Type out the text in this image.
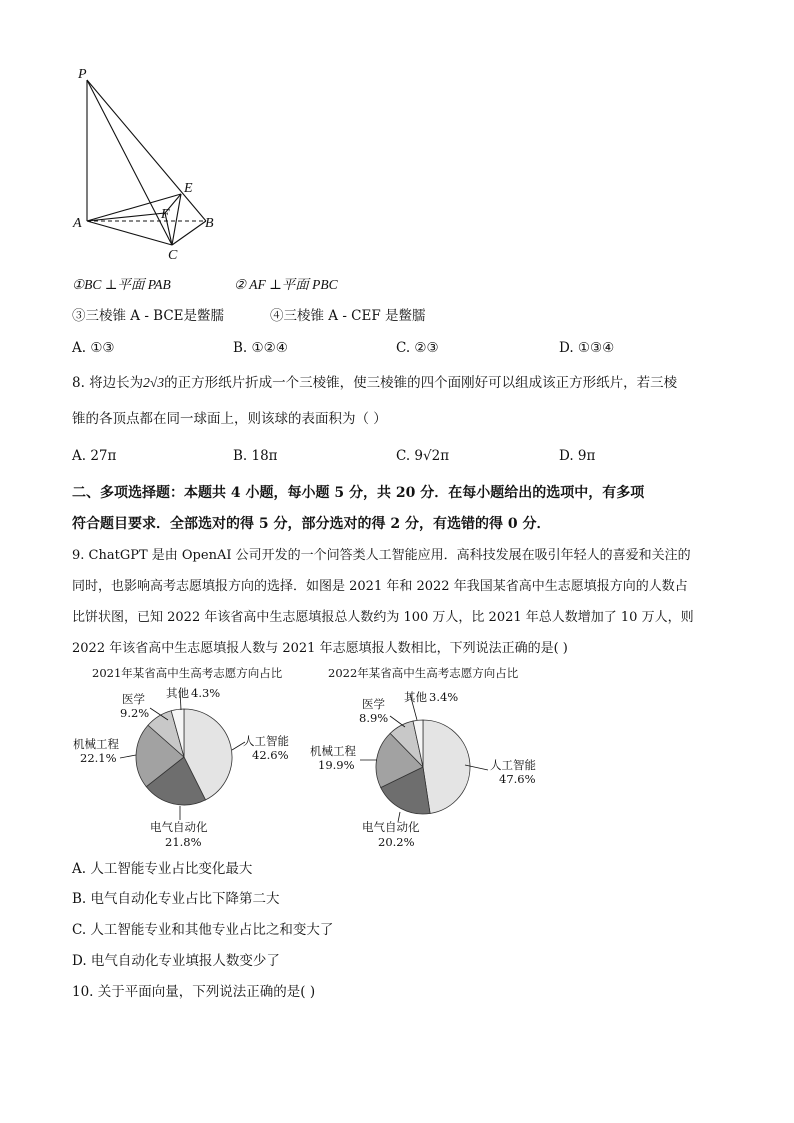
P
E
A
F
B
C
①BC ⊥平面 PAB	② AF ⊥平面 PBC
③三棱锥 A - BCE是鳖臑	④三棱锥 A - CEF 是鳖臑
A. ①③	B. ①②④	C. ②③	D. ①③④
8. 将边长为2√3的正方形纸片折成一个三棱锥，使三棱锥的四个面刚好可以组成该正方形纸片，若三棱
锥的各顶点都在同一球面上，则该球的表面积为（ ）
A. 27π	B. 18π	C. 9√2π	D. 9π
二、多项选择题：本题共 4 小题，每小题 5 分，共 20 分．在每小题给出的选项中，有多项
符合题目要求．全部选对的得 5 分，部分选对的得 2 分，有选错的得 0 分．
9. ChatGPT 是由 OpenAI 公司开发的一个问答类人工智能应用．高科技发展在吸引年轻人的喜爱和关注的
同时，也影响高考志愿填报方向的选择．如图是 2021 年和 2022 年我国某省高中生志愿填报方向的人数占
比饼状图，已知 2022 年该省高中生志愿填报总人数约为 100 万人，比 2021 年总人数增加了 10 万人，则
2022 年该省高中生志愿填报人数与 2021 年志愿填报人数相比，下列说法正确的是( )
2021年某省高中生高考志愿方向占比
其他 4.3%
医学
9.2%
机械工程
22.1%
电气自动化
21.8%
人工智能
42.6%
2022年某省高中生高考志愿方向占比
其他 3.4%
医学
8.9%
机械工程
19.9%
电气自动化
20.2%
人工智能
47.6%
A. 人工智能专业占比变化最大
B. 电气自动化专业占比下降第二大
C. 人工智能专业和其他专业占比之和变大了
D. 电气自动化专业填报人数变少了
10. 关于平面向量，下列说法正确的是( )
